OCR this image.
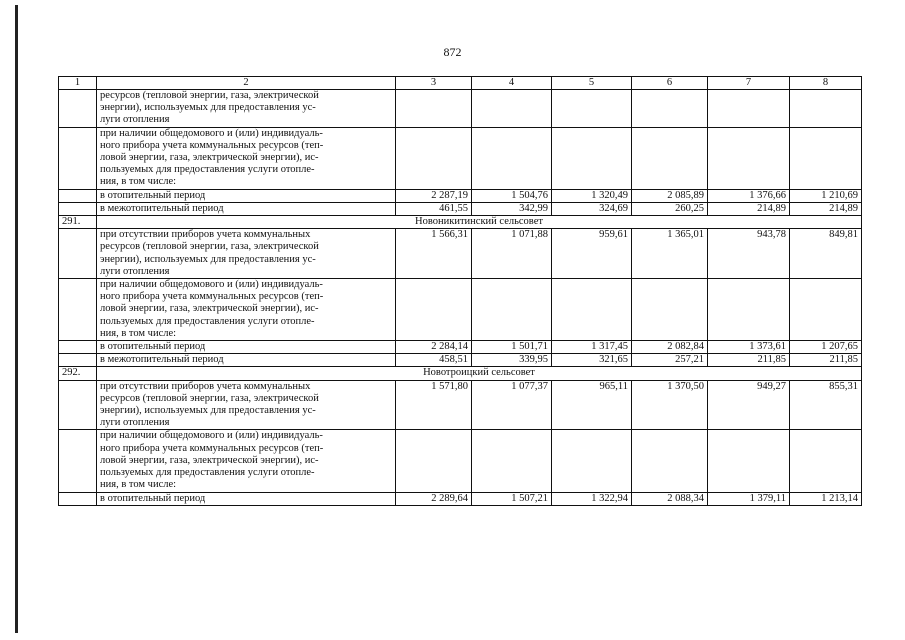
872
1	2	3	4	5	6	7	8
	ресурсов (тепловой энергии, газа, электрической
энергии), используемых для предоставления ус-
луги отопления						
	при наличии общедомового и (или) индивидуаль-
ного прибора учета коммунальных ресурсов (теп-
ловой энергии, газа, электрической энергии), ис-
пользуемых для предоставления услуги отопле-
ния, в том числе:						
	в отопительный период	2 287,19	1 504,76	1 320,49	2 085,89	1 376,66	1 210,69
	в межотопительный период	461,55	342,99	324,69	260,25	214,89	214,89
291.	Новоникитинский сельсовет						
	при отсутствии приборов учета коммунальных
ресурсов (тепловой энергии, газа, электрической
энергии), используемых для предоставления ус-
луги отопления	1 566,31	1 071,88	959,61	1 365,01	943,78	849,81
	при наличии общедомового и (или) индивидуаль-
ного прибора учета коммунальных ресурсов (теп-
ловой энергии, газа, электрической энергии), ис-
пользуемых для предоставления услуги отопле-
ния, в том числе:						
	в отопительный период	2 284,14	1 501,71	1 317,45	2 082,84	1 373,61	1 207,65
	в межотопительный период	458,51	339,95	321,65	257,21	211,85	211,85
292.	Новотроицкий сельсовет						
	при отсутствии приборов учета коммунальных
ресурсов (тепловой энергии, газа, электрической
энергии), используемых для предоставления ус-
луги отопления	1 571,80	1 077,37	965,11	1 370,50	949,27	855,31
	при наличии общедомового и (или) индивидуаль-
ного прибора учета коммунальных ресурсов (теп-
ловой энергии, газа, электрической энергии), ис-
пользуемых для предоставления услуги отопле-
ния, в том числе:						
	в отопительный период	2 289,64	1 507,21	1 322,94	2 088,34	1 379,11	1 213,14
